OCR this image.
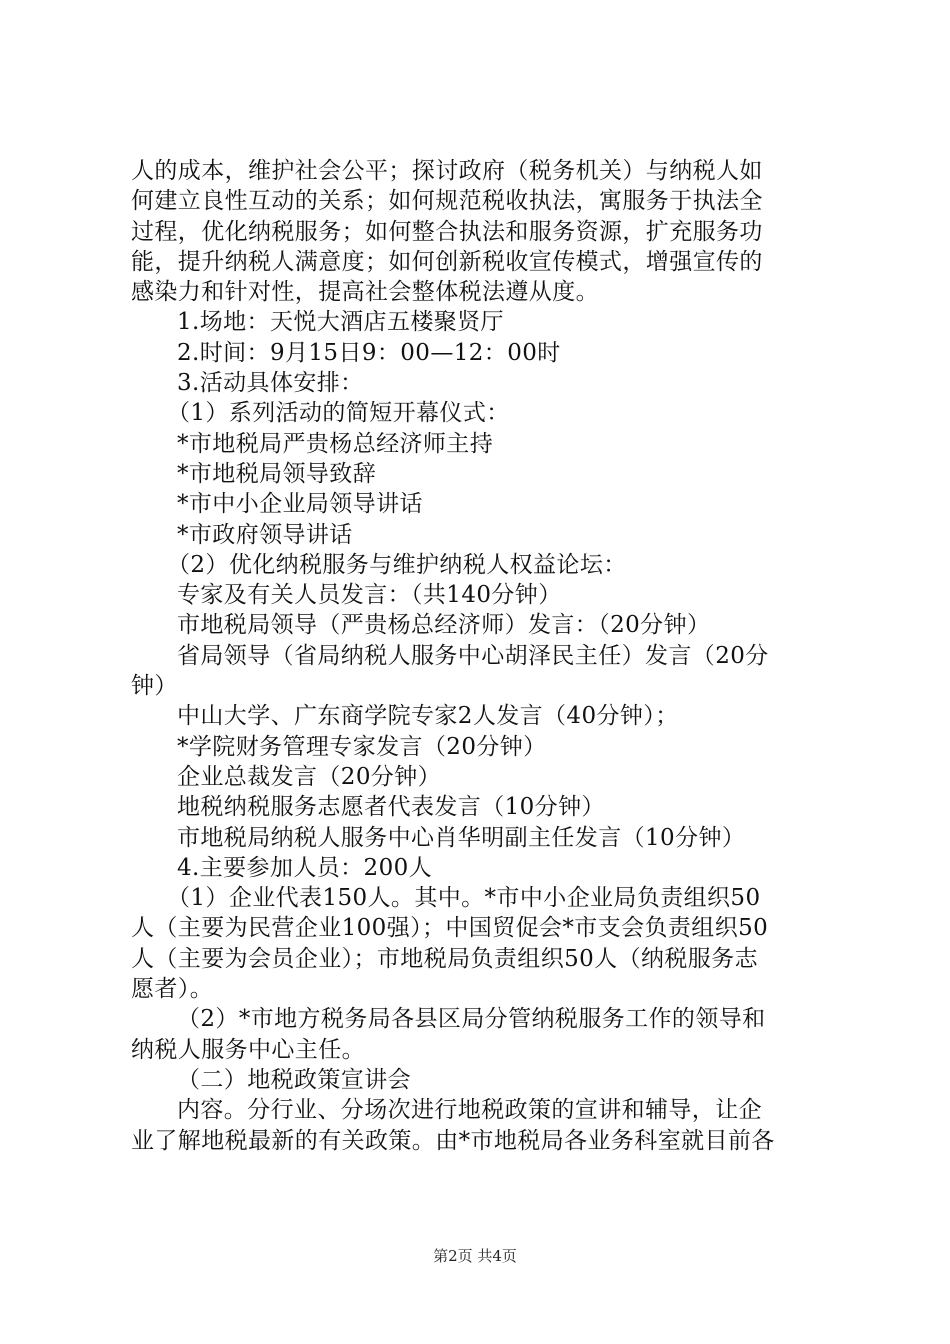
人的成本，维护社会公平；探讨政府（税务机关）与纳税人如
何建立良性互动的关系；如何规范税收执法，寓服务于执法全
过程，优化纳税服务；如何整合执法和服务资源，扩充服务功
能，提升纳税人满意度；如何创新税收宣传模式，增强宣传的
感染力和针对性，提高社会整体税法遵从度。
1.场地：天悦大酒店五楼聚贤厅
2.时间：9月15日9：00—12：00时
3.活动具体安排：
（1）系列活动的简短开幕仪式：
*市地税局严贵杨总经济师主持
*市地税局领导致辞
*市中小企业局领导讲话
*市政府领导讲话
（2）优化纳税服务与维护纳税人权益论坛：
专家及有关人员发言：（共140分钟）
市地税局领导（严贵杨总经济师）发言：（20分钟）
省局领导（省局纳税人服务中心胡泽民主任）发言（20分
钟）
中山大学、广东商学院专家2人发言（40分钟）；
*学院财务管理专家发言（20分钟）
企业总裁发言（20分钟）
地税纳税服务志愿者代表发言（10分钟）
市地税局纳税人服务中心肖华明副主任发言（10分钟）
4.主要参加人员：200人
（1）企业代表150人。其中。*市中小企业局负责组织50
人（主要为民营企业100强）；中国贸促会*市支会负责组织50
人（主要为会员企业）；市地税局负责组织50人（纳税服务志
愿者）。
（2）*市地方税务局各县区局分管纳税服务工作的领导和
纳税人服务中心主任。
（二）地税政策宣讲会
内容。分行业、分场次进行地税政策的宣讲和辅导，让企
业了解地税最新的有关政策。由*市地税局各业务科室就目前各
第2页 共4页
